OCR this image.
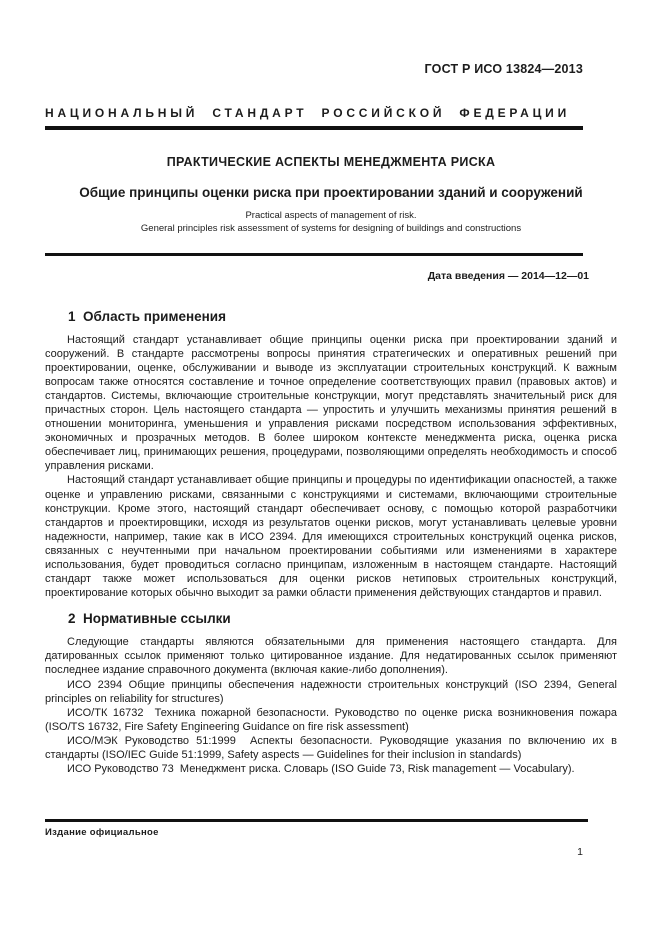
ГОСТ Р ИСО 13824—2013
НАЦИОНАЛЬНЫЙ СТАНДАРТ РОССИЙСКОЙ ФЕДЕРАЦИИ
ПРАКТИЧЕСКИЕ АСПЕКТЫ МЕНЕДЖМЕНТА РИСКА
Общие принципы оценки риска при проектировании зданий и сооружений
Practical aspects of management of risk.
General principles risk assessment of systems for designing of buildings and constructions
Дата введения — 2014—12—01
1  Область применения

Настоящий стандарт устанавливает общие принципы оценки риска при проектировании зданий и сооружений. В стандарте рассмотрены вопросы принятия стратегических и оперативных решений при проектировании, оценке, обслуживании и выводе из эксплуатации строительных конструкций. К важным вопросам также относятся составление и точное определение соответствующих правил (правовых актов) и стандартов. Системы, включающие строительные конструкции, могут представлять значительный риск для причастных сторон. Цель настоящего стандарта — упростить и улучшить механизмы принятия решений в отношении мониторинга, уменьшения и управления рисками посредством использования эффективных, экономичных и прозрачных методов. В более широком контексте менеджмента риска, оценка риска обеспечивает лиц, принимающих решения, процедурами, позволяющими определять необходимость и способ управления рисками.

Настоящий стандарт устанавливает общие принципы и процедуры по идентификации опасностей, а также оценке и управлению рисками, связанными с конструкциями и системами, включающими строительные конструкции. Кроме этого, настоящий стандарт обеспечивает основу, с помощью которой разработчики стандартов и проектировщики, исходя из результатов оценки рисков, могут устанавливать целевые уровни надежности, например, такие как в ИСО 2394. Для имеющихся строительных конструкций оценка рисков, связанных с неучтенными при начальном проектировании событиями или изменениями в характере использования, будет проводиться согласно принципам, изложенным в настоящем стандарте. Настоящий стандарт также может использоваться для оценки рисков нетиповых строительных конструкций, проектирование которых обычно выходит за рамки области применения действующих стандартов и правил.

2  Нормативные ссылки

Следующие стандарты являются обязательными для применения настоящего стандарта. Для датированных ссылок применяют только цитированное издание. Для недатированных ссылок применяют последнее издание справочного документа (включая какие-либо дополнения).

ИСО 2394 Общие принципы обеспечения надежности строительных конструкций (ISO 2394, General principles on reliability for structures)

ИСО/ТК 16732  Техника пожарной безопасности. Руководство по оценке риска возникновения пожара (ISO/TS 16732, Fire Safety Engineering Guidance on fire risk assessment)

ИСО/МЭК Руководство 51:1999  Аспекты безопасности. Руководящие указания по включению их в стандарты (ISO/IEC Guide 51:1999, Safety aspects — Guidelines for their inclusion in standards)

ИСО Руководство 73  Менеджмент риска. Словарь (ISO Guide 73, Risk management — Vocabulary).

Издание официальное
1
